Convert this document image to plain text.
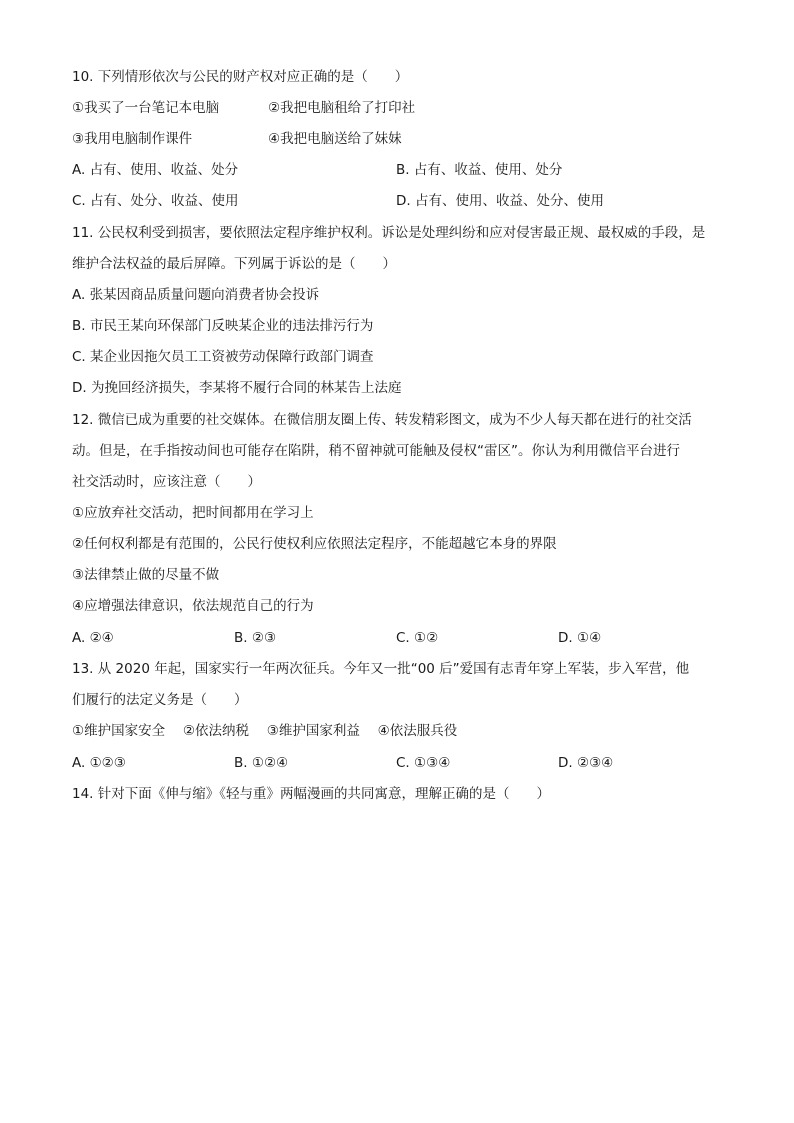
10. 下列情形依次与公民的财产权对应正确的是（　　）
①我买了一台笔记本电脑	②我把电脑租给了打印社
③我用电脑制作课件	④我把电脑送给了妹妹
A. 占有、使用、收益、处分	B. 占有、收益、使用、处分
C. 占有、处分、收益、使用	D. 占有、使用、收益、处分、使用
11. 公民权利受到损害，要依照法定程序维护权利。诉讼是处理纠纷和应对侵害最正规、最权威的手段，是
维护合法权益的最后屏障。下列属于诉讼的是（　　）
A. 张某因商品质量问题向消费者协会投诉
B. 市民王某向环保部门反映某企业的违法排污行为
C. 某企业因拖欠员工工资被劳动保障行政部门调查
D. 为挽回经济损失，李某将不履行合同的林某告上法庭
12. 微信已成为重要的社交媒体。在微信朋友圈上传、转发精彩图文，成为不少人每天都在进行的社交活
动。但是，在手指按动间也可能存在陷阱，稍不留神就可能触及侵权“雷区”。你认为利用微信平台进行
社交活动时，应该注意（　　）
①应放弃社交活动，把时间都用在学习上
②任何权利都是有范围的，公民行使权利应依照法定程序，不能超越它本身的界限
③法律禁止做的尽量不做
④应增强法律意识，依法规范自己的行为
A. ②④	B. ②③	C. ①②	D. ①④
13. 从 2020 年起，国家实行一年两次征兵。今年又一批“00 后”爱国有志青年穿上军装，步入军营，他
们履行的法定义务是（　　）
①维护国家安全　 ②依法纳税　 ③维护国家利益　 ④依法服兵役
A. ①②③	B. ①②④	C. ①③④	D. ②③④
14. 针对下面《伸与缩》《轻与重》两幅漫画的共同寓意，理解正确的是（　　）
